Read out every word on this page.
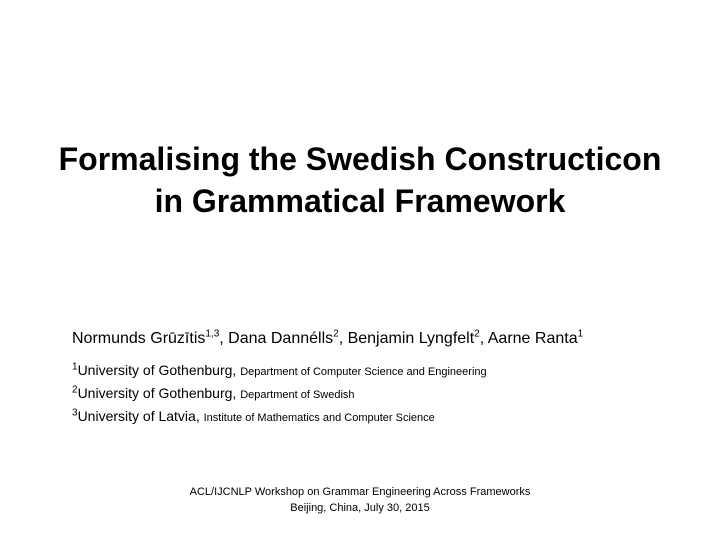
Formalising the Swedish Constructicon
in Grammatical Framework
Normunds Grūzītis$^{1,3}$, Dana Dannélls$^2$, Benjamin Lyngfelt$^2$, Aarne Ranta$^1$
$^1$University of Gothenburg, Department of Computer Science and Engineering
$^2$University of Gothenburg, Department of Swedish
$^3$University of Latvia, Institute of Mathematics and Computer Science
ACL/IJCNLP Workshop on Grammar Engineering Across Frameworks
Beijing, China, July 30, 2015
